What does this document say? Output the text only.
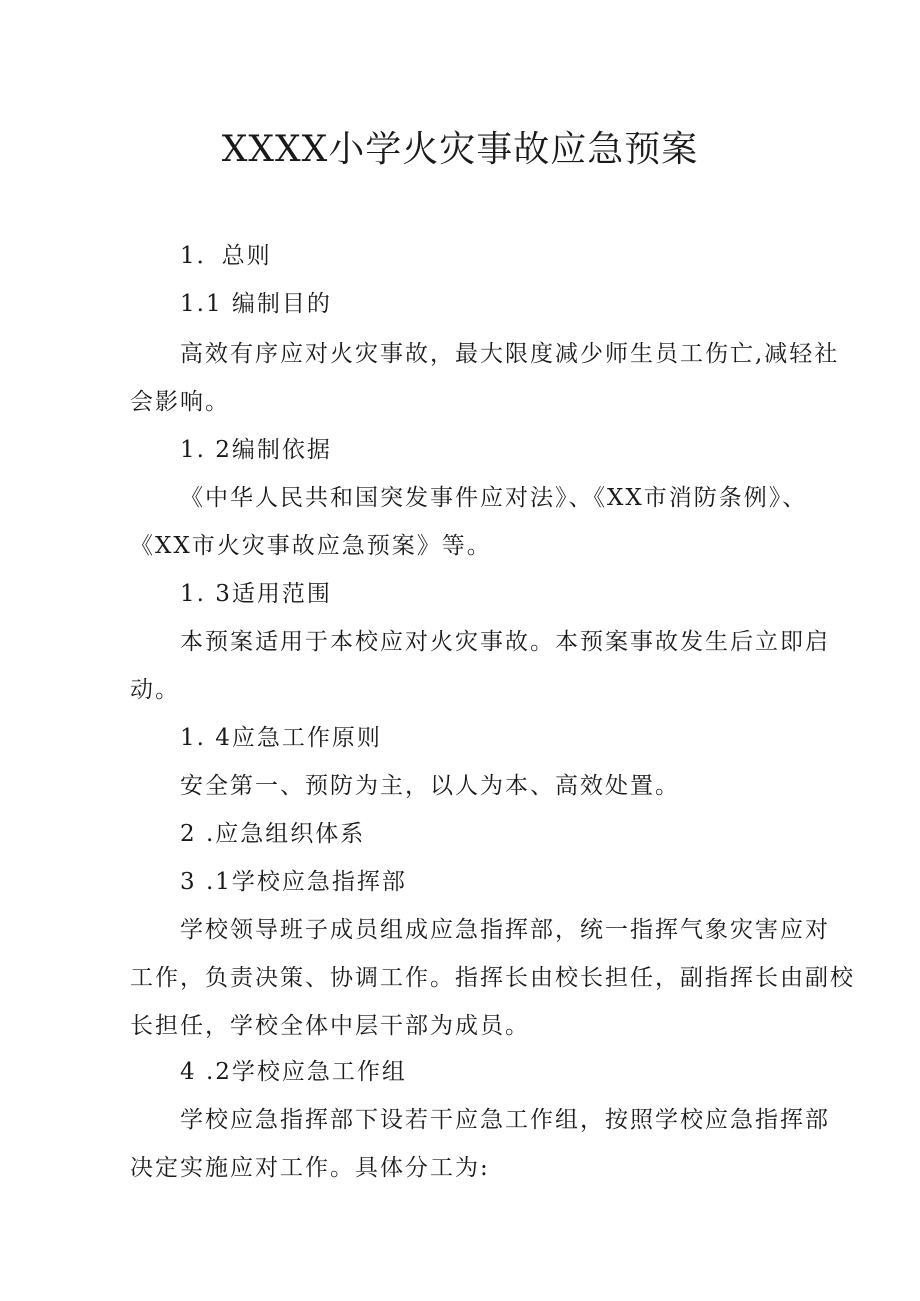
XXXX小学火灾事故应急预案
1．总则
1.1 编制目的
高效有序应对火灾事故，最大限度减少师生员工伤亡,减轻社
会影响。
1. 2编制依据
《中华人民共和国突发事件应对法》、《XX市消防条例》、
《XX市火灾事故应急预案》等。
1. 3适用范围
本预案适用于本校应对火灾事故。本预案事故发生后立即启
动。
1. 4应急工作原则
安全第一、预防为主，以人为本、高效处置。
2 .应急组织体系
3 .1学校应急指挥部
学校领导班子成员组成应急指挥部，统一指挥气象灾害应对
工作，负责决策、协调工作。指挥长由校长担任，副指挥长由副校
长担任，学校全体中层干部为成员。
4 .2学校应急工作组
学校应急指挥部下设若干应急工作组，按照学校应急指挥部
决定实施应对工作。具体分工为:
